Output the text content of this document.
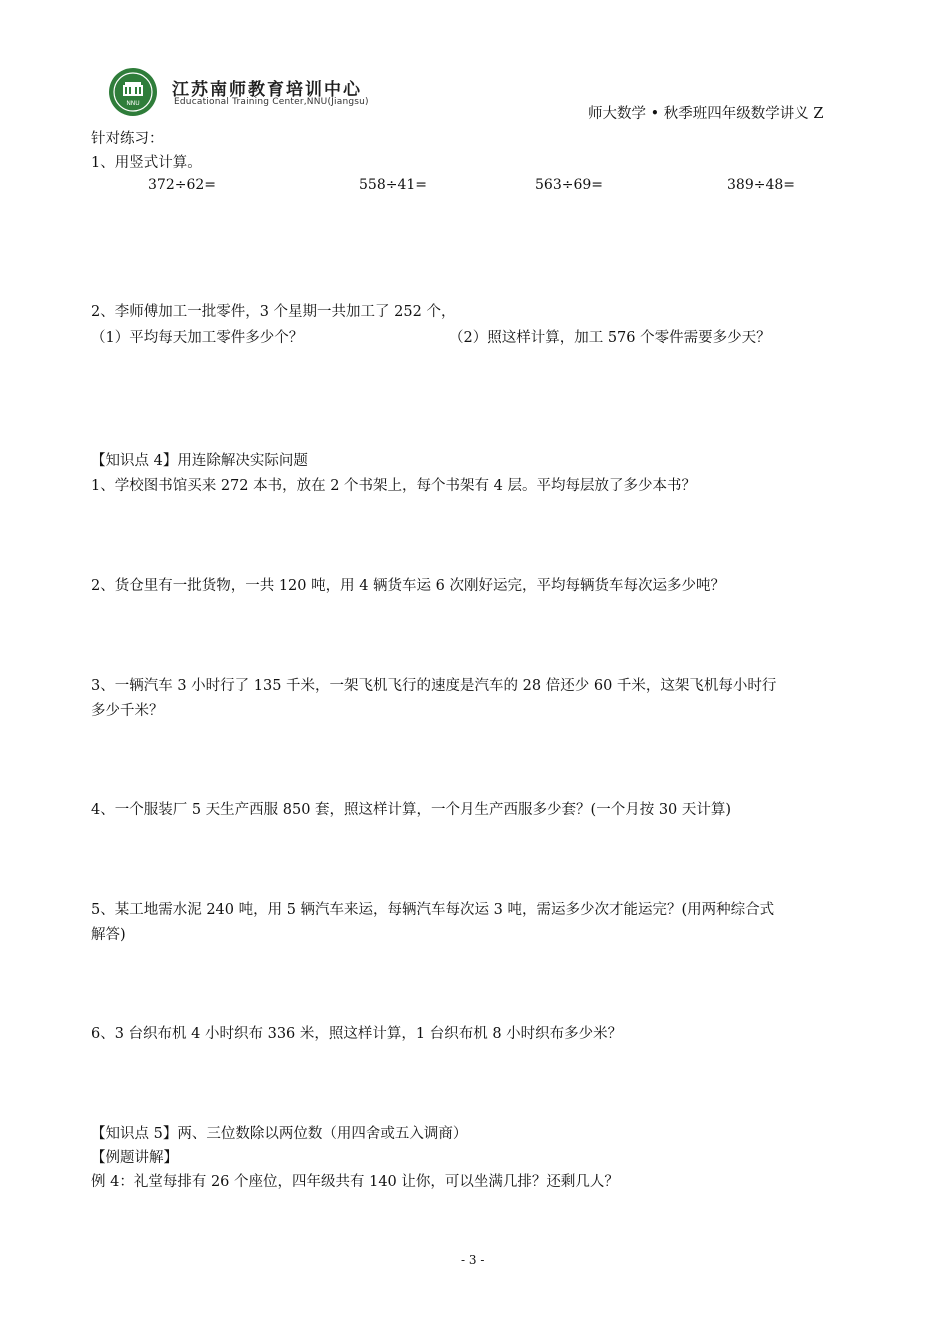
NNU
江苏南师教育培训中心
Educational Training Center,NNU(Jiangsu)
师大数学 • 秋季班四年级数学讲义 Z
针对练习：
1、用竖式计算。
372÷62=	558÷41=	563÷69=	389÷48=
2、李师傅加工一批零件，3 个星期一共加工了 252 个，
（1）平均每天加工零件多少个？	（2）照这样计算，加工 576 个零件需要多少天？
【知识点 4】用连除解决实际问题
1、学校图书馆买来 272 本书，放在 2 个书架上，每个书架有 4 层。平均每层放了多少本书？
2、货仓里有一批货物，一共 120 吨，用 4 辆货车运 6 次刚好运完，平均每辆货车每次运多少吨？
3、一辆汽车 3 小时行了 135 千米，一架飞机飞行的速度是汽车的 28 倍还少 60 千米，这架飞机每小时行
多少千米？
4、一个服装厂 5 天生产西服 850 套，照这样计算，一个月生产西服多少套？(一个月按 30 天计算)
5、某工地需水泥 240 吨，用 5 辆汽车来运，每辆汽车每次运 3 吨，需运多少次才能运完？(用两种综合式
解答)
6、3 台织布机 4 小时织布 336 米，照这样计算，1 台织布机 8 小时织布多少米？
【知识点 5】两、三位数除以两位数（用四舍或五入调商）
【例题讲解】
例 4：礼堂每排有 26 个座位，四年级共有 140 让你，可以坐满几排？还剩几人？
- 3 -
